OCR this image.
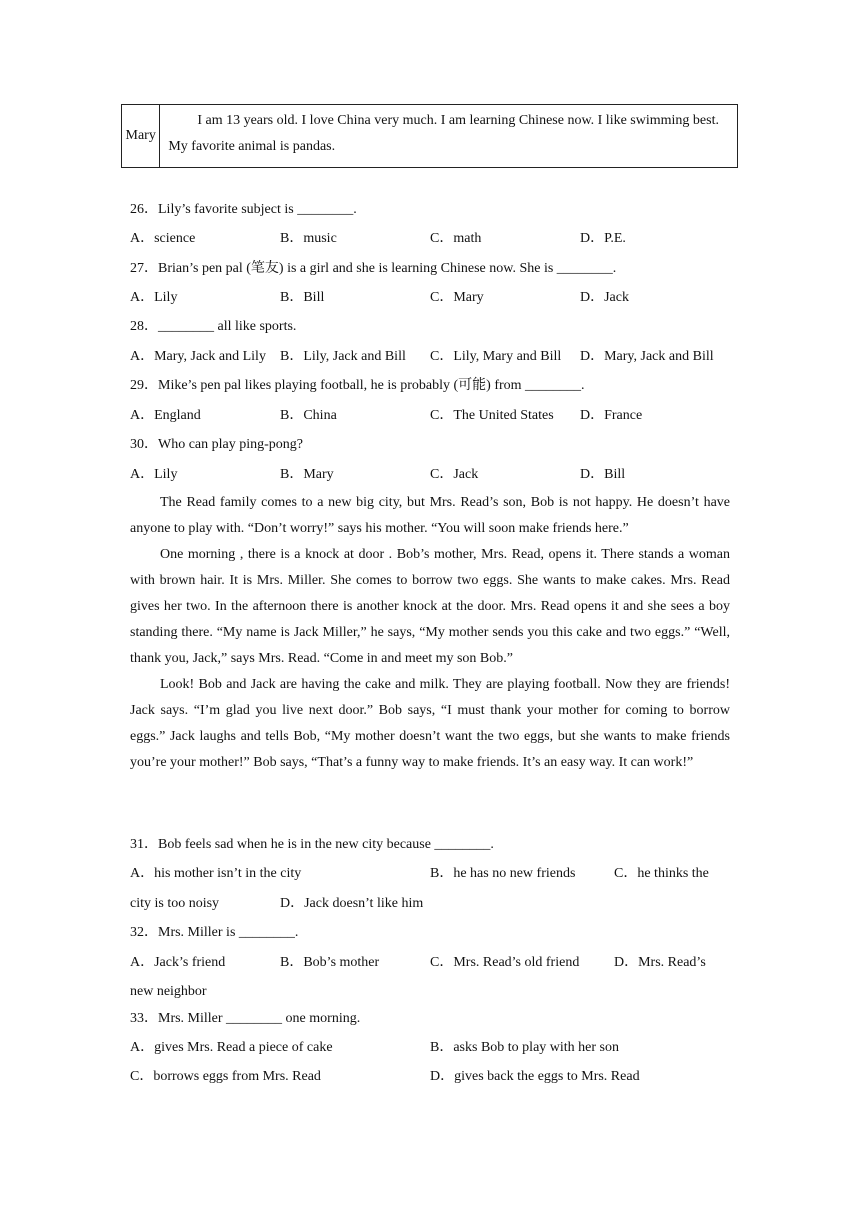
Mary
I am 13 years old. I love China very much. I am learning Chinese now. I like swimming best. My favorite animal is pandas.
26．Lily’s favorite subject is ________.
A．science	B．music	C．math	D．P.E.
27．Brian’s pen pal (笔友) is a girl and she is learning Chinese now. She is ________.
A．Lily	B．Bill	C．Mary	D．Jack
28．________ all like sports.
A．Mary, Jack and Lily B．Lily, Jack and Bill C．Lily, Mary and Bill D．Mary, Jack and Bill
29．Mike’s pen pal likes playing football, he is probably (可能) from ________.
A．England	B．China	C．The United States D．France
30．Who can play ping-pong?
A．Lily	B．Mary	C．Jack	D．Bill

The Read family comes to a new big city, but Mrs. Read’s son, Bob is not happy. He doesn’t have anyone to play with. “Don’t worry!” says his mother. “You will soon make friends here.”

One morning , there is a knock at door . Bob’s mother, Mrs. Read, opens it. There stands a woman with brown hair. It is Mrs. Miller. She comes to borrow two eggs. She wants to make cakes. Mrs. Read gives her two. In the afternoon there is another knock at the door. Mrs. Read opens it and she sees a boy standing there. “My name is Jack Miller,” he says, “My mother sends you this cake and two eggs.” “Well, thank you, Jack,” says Mrs. Read. “Come in and meet my son Bob.”

Look! Bob and Jack are having the cake and milk. They are playing football. Now they are friends! Jack says. “I’m glad you live next door.” Bob says, “I must thank your mother for coming to borrow eggs.” Jack laughs and tells Bob, “My mother doesn’t want the two eggs, but she wants to make friends you’re your mother!” Bob says, “That’s a funny way to make friends. It’s an easy way. It can work!”

31．Bob feels sad when he is in the new city because ________.
A．his mother isn’t in the city	B．he has no new friends	C．he thinks the
city is too noisy	D．Jack doesn’t like him
32．Mrs. Miller is ________.
A．Jack’s friend	B．Bob’s mother	C．Mrs. Read’s old friend D．Mrs. Read’s
new neighbor
33．Mrs. Miller ________ one morning.
A．gives Mrs. Read a piece of cake	B．asks Bob to play with her son
C．borrows eggs from Mrs. Read	D．gives back the eggs to Mrs. Read
